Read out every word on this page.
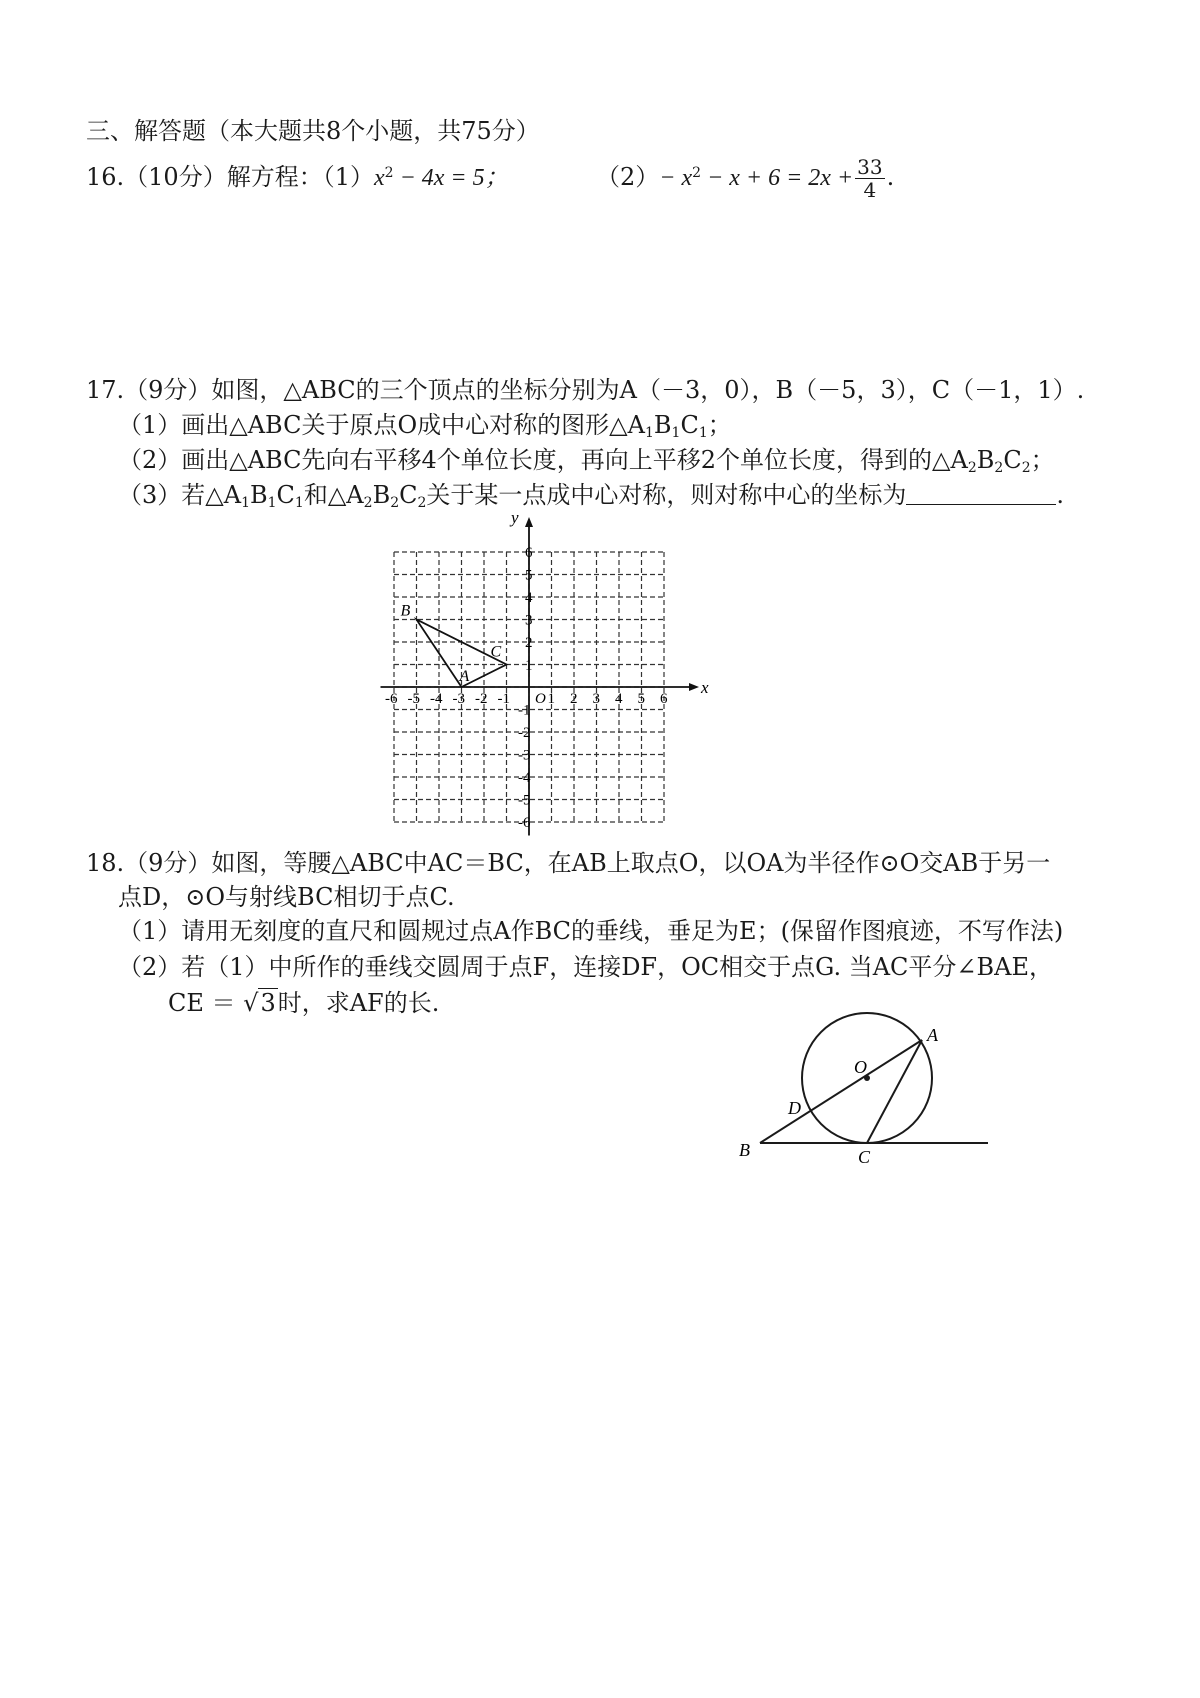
三、解答题（本大题共8个小题，共75分）
16.（10分）解方程：$(1)x^2 - 4x = 5$；	$(2)- x^2 - x + 6 = 2x + \frac{33}{4}$ .
17.（9分）如图，△ABC的三个顶点的坐标分别为A（－3，0），B（－5，3），C（－1，1）.
（1）画出△ABC关于原点O成中心对称的图形$\triangle A_1B_1C_1$；
（2）画出△ABC先向右平移4个单位长度，再向上平移2个单位长度，得到的$\triangle A_2B_2C_2$；
（3）若$\triangle A_1B_1C_1$和$\triangle A_2B_2C_2$关于某一点成中心对称，则对称中心的坐标为	.
-6 -5 -4 -3 -2 -1	1 2 3 4 5 6
6
5
4
3
2
1
-1
-2
-3
-4
-5
-6
O
x
y
A
B
C
18.（9分）如图，等腰△ABC中AC＝BC，在AB上取点O，以OA为半径作⊙O交AB于另一
点D，⊙O与射线BC相切于点C.
（1）请用无刻度的直尺和圆规过点A作BC的垂线，垂足为E；(保留作图痕迹，不写作法)
（2）若（1）中所作的垂线交圆周于点F，连接DF，OC相交于点G. 当AC平分∠BAE，
CE ＝ √3时，求AF的长.
A
O
D
B	C
